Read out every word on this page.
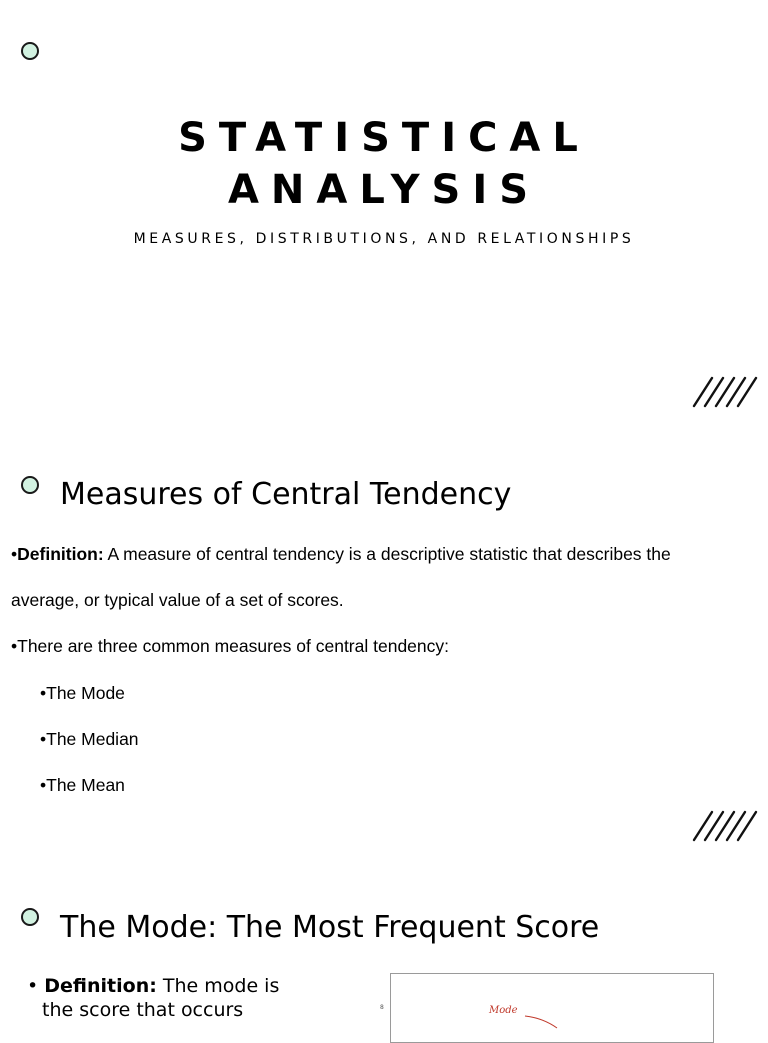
STATISTICAL
ANALYSIS
MEASURES, DISTRIBUTIONS, AND RELATIONSHIPS
Measures of Central Tendency
•Definition: A measure of central tendency is a descriptive statistic that describes the
average, or typical value of a set of scores.
•There are three common measures of central tendency:
•The Mode
•The Median
•The Mean
The Mode: The Most Frequent Score
• Definition: The mode is
the score that occurs	8	Mode
